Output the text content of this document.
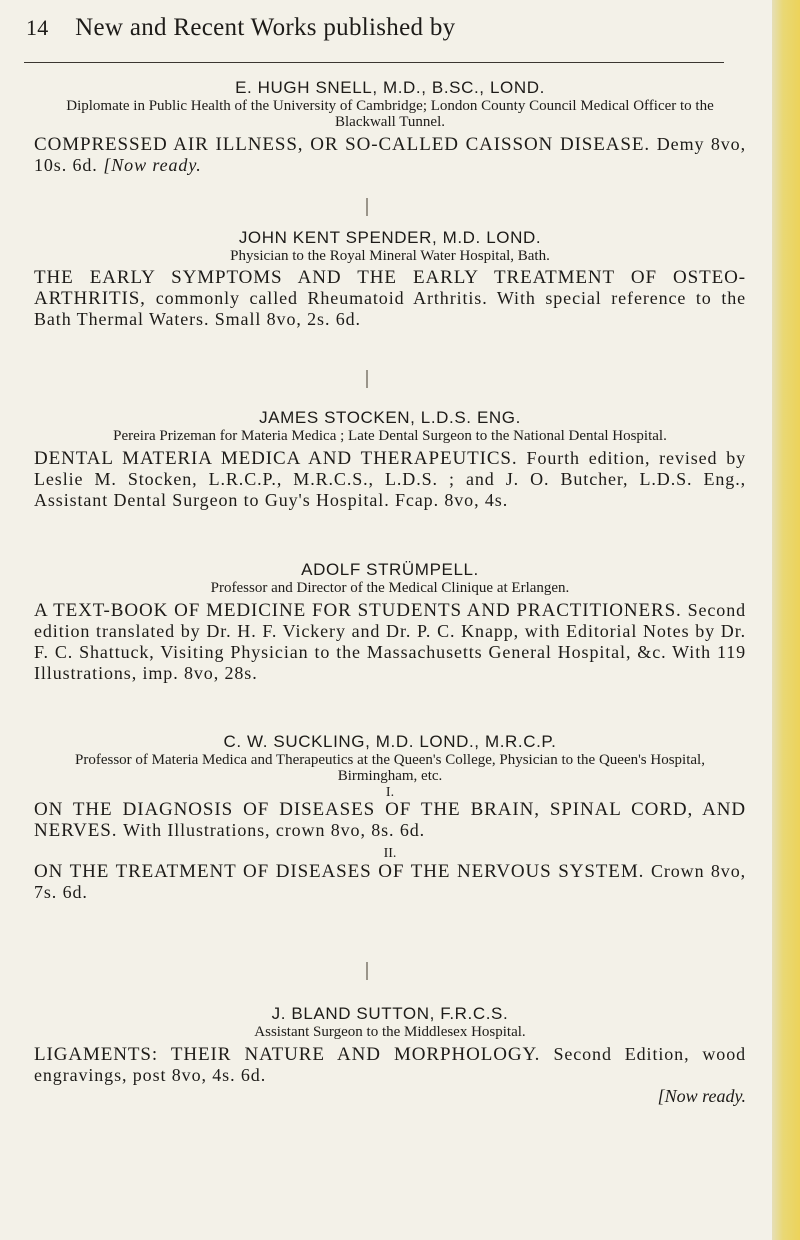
14 New and Recent Works published by
E. HUGH SNELL, M.D., B.SC., LOND.
Diplomate in Public Health of the University of Cambridge; London County Council Medical Officer to the Blackwall Tunnel.
COMPRESSED AIR ILLNESS, OR SO-CALLED CAISSON DISEASE. Demy 8vo, 10s. 6d. [Now ready.
JOHN KENT SPENDER, M.D. LOND.
Physician to the Royal Mineral Water Hospital, Bath.
THE EARLY SYMPTOMS AND THE EARLY TREATMENT OF OSTEO-ARTHRITIS, commonly called Rheumatoid Arthritis. With special reference to the Bath Thermal Waters. Small 8vo, 2s. 6d.
JAMES STOCKEN, L.D.S. ENG.
Pereira Prizeman for Materia Medica ; Late Dental Surgeon to the National Dental Hospital.
DENTAL MATERIA MEDICA AND THERAPEUTICS. Fourth edition, revised by Leslie M. Stocken, L.R.C.P., M.R.C.S., L.D.S. ; and J. O. Butcher, L.D.S. Eng., Assistant Dental Surgeon to Guy's Hospital. Fcap. 8vo, 4s.
ADOLF STRÜMPELL.
Professor and Director of the Medical Clinique at Erlangen.
A TEXT-BOOK OF MEDICINE FOR STUDENTS AND PRACTITIONERS. Second edition translated by Dr. H. F. Vickery and Dr. P. C. Knapp, with Editorial Notes by Dr. F. C. Shattuck, Visiting Physician to the Massachusetts General Hospital, &c. With 119 Illustrations, imp. 8vo, 28s.
C. W. SUCKLING, M.D. LOND., M.R.C.P.
Professor of Materia Medica and Therapeutics at the Queen's College, Physician to the Queen's Hospital, Birmingham, etc.
I.
ON THE DIAGNOSIS OF DISEASES OF THE BRAIN, SPINAL CORD, AND NERVES. With Illustrations, crown 8vo, 8s. 6d.
II.
ON THE TREATMENT OF DISEASES OF THE NERVOUS SYSTEM. Crown 8vo, 7s. 6d.
J. BLAND SUTTON, F.R.C.S.
Assistant Surgeon to the Middlesex Hospital.
LIGAMENTS: THEIR NATURE AND MORPHOLOGY. Second Edition, wood engravings, post 8vo, 4s. 6d.
[Now ready.
